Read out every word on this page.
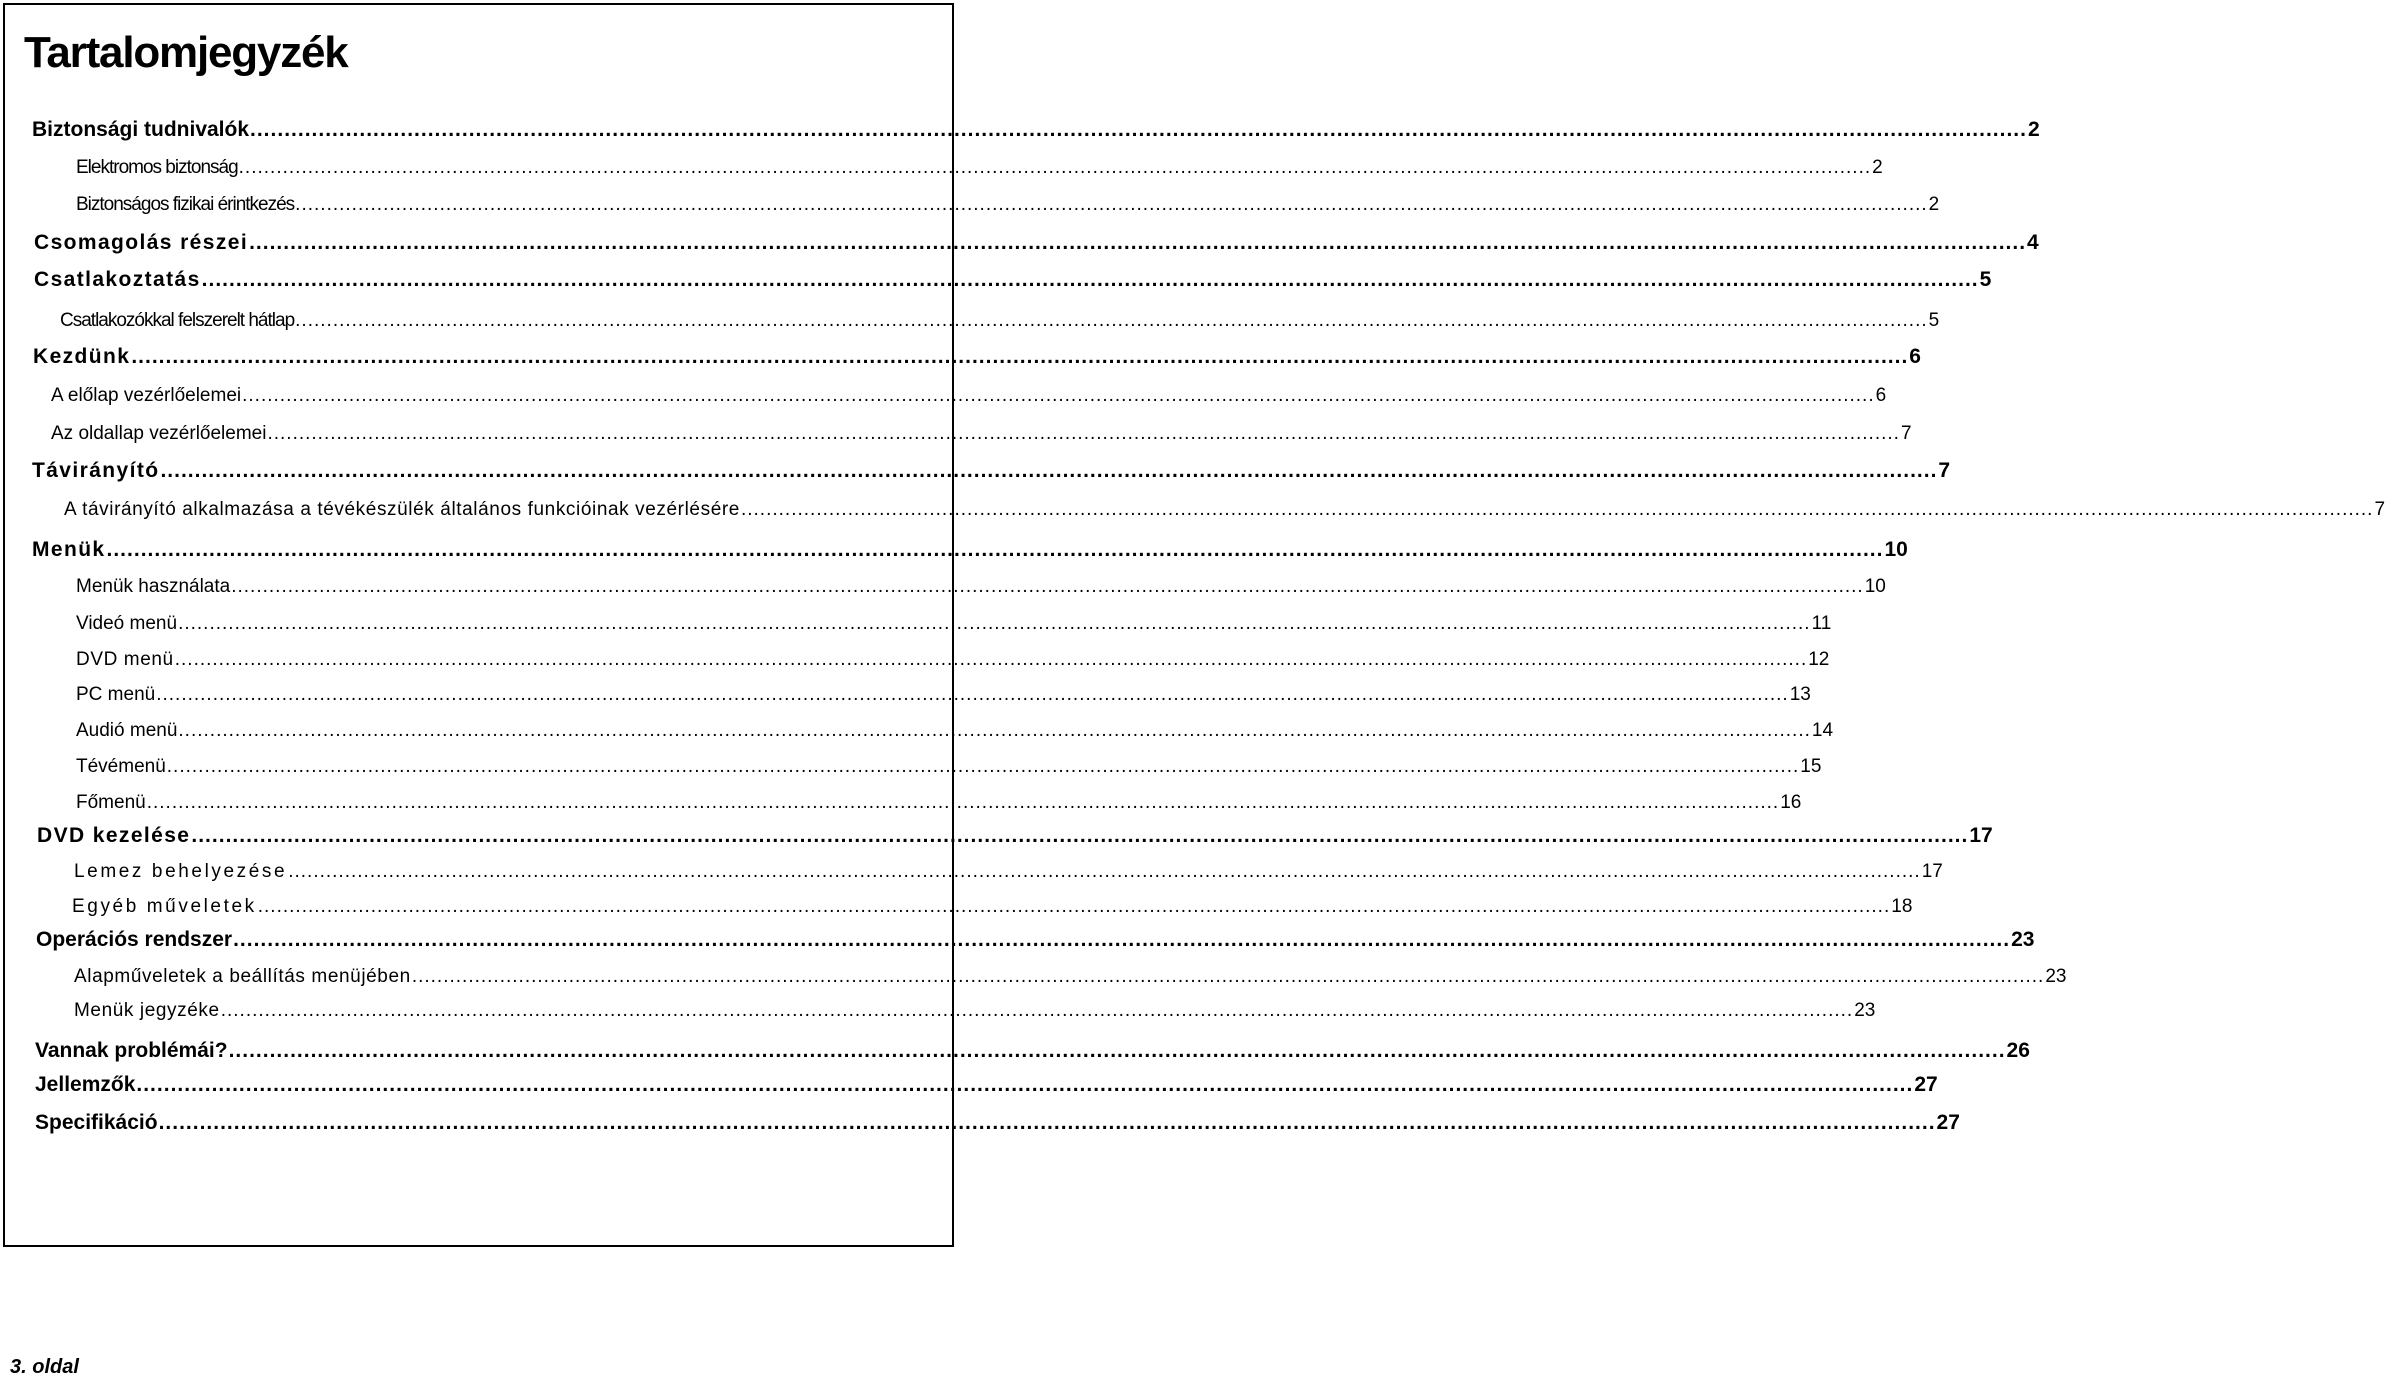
Tartalomjegyzék
Biztonsági tudnivalók .................................................................................................................................................................................................................................................................... 2
Elektromos biztonság .................................................................................................................................................................................................................................................................... 2
Biztonságos fizikai érintkezés .................................................................................................................................................................................................................................................................... 2
Csomagolás részei .................................................................................................................................................................................................................................................................... 4
Csatlakoztatás .................................................................................................................................................................................................................................................................... 5
Csatlakozókkal felszerelt hátlap .................................................................................................................................................................................................................................................................... 5
Kezdünk .................................................................................................................................................................................................................................................................... 6
A előlap vezérlőelemei .................................................................................................................................................................................................................................................................... 6
Az oldallap vezérlőelemei .................................................................................................................................................................................................................................................................... 7
Távirányító .................................................................................................................................................................................................................................................................... 7
A távirányító alkalmazása a tévékészülék általános funkcióinak vezérlésére .................................................................................................................................................................................................................................................................... 7
Menük .................................................................................................................................................................................................................................................................... 10
Menük használata .................................................................................................................................................................................................................................................................... 10
Videó menü .................................................................................................................................................................................................................................................................... 11
DVD menü .................................................................................................................................................................................................................................................................... 12
PC menü .................................................................................................................................................................................................................................................................... 13
Audió menü .................................................................................................................................................................................................................................................................... 14
Tévémenü .................................................................................................................................................................................................................................................................... 15
Főmenü .................................................................................................................................................................................................................................................................... 16
DVD kezelése .................................................................................................................................................................................................................................................................... 17
Lemez behelyezése .................................................................................................................................................................................................................................................................... 17
Egyéb műveletek .................................................................................................................................................................................................................................................................... 18
Operációs rendszer .................................................................................................................................................................................................................................................................... 23
Alapműveletek a beállítás menüjében .................................................................................................................................................................................................................................................................... 23
Menük jegyzéke .................................................................................................................................................................................................................................................................... 23
Vannak problémái? .................................................................................................................................................................................................................................................................... 26
Jellemzők .................................................................................................................................................................................................................................................................... 27
Specifikáció .................................................................................................................................................................................................................................................................... 27
3. oldal
